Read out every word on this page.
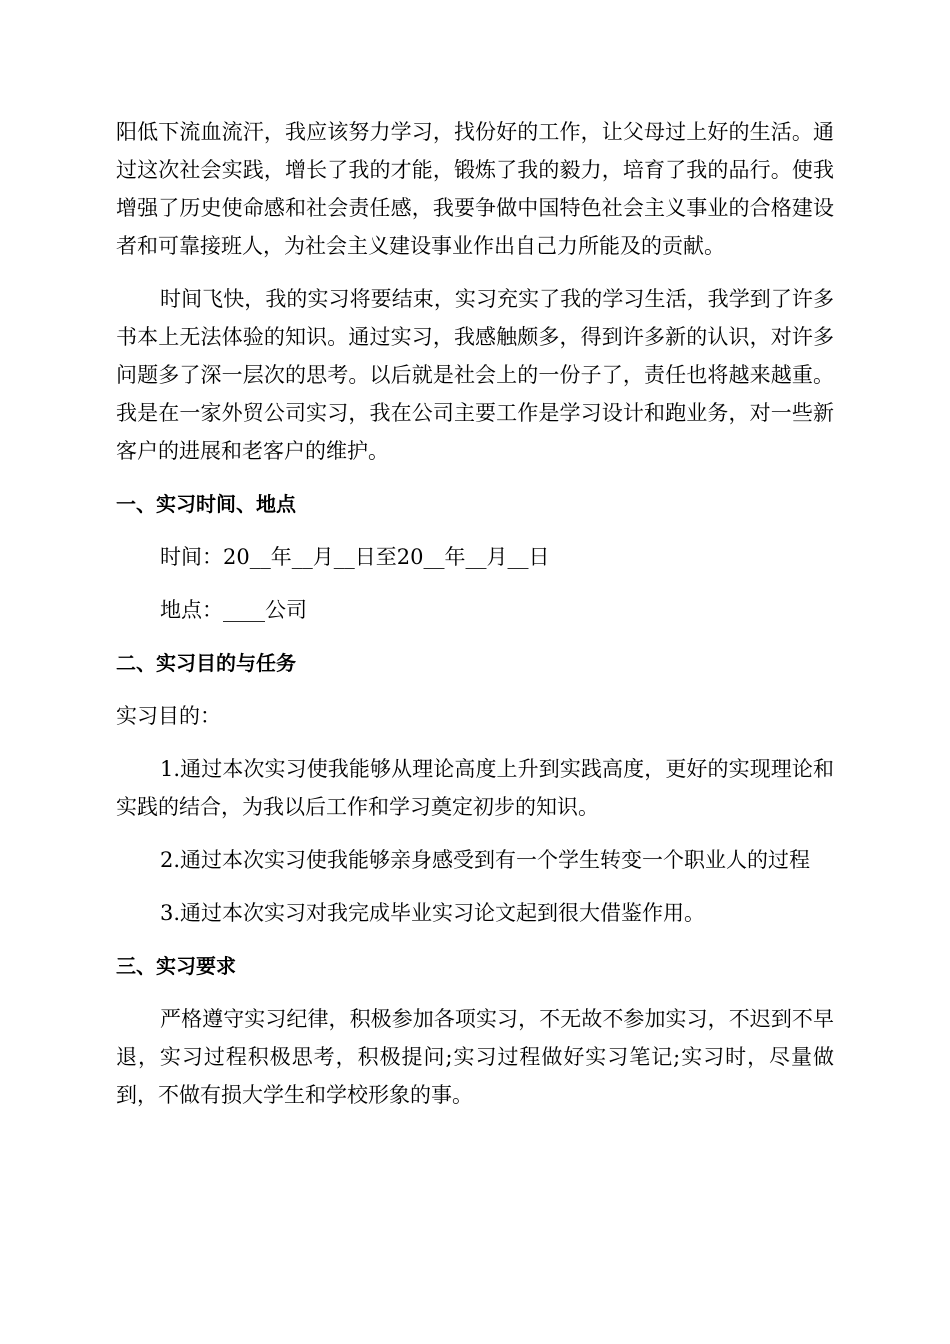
阳低下流血流汗，我应该努力学习，找份好的工作，让父母过上好的生活。通过这次社会实践，增长了我的才能，锻炼了我的毅力，培育了我的品行。使我增强了历史使命感和社会责任感，我要争做中国特色社会主义事业的合格建设者和可靠接班人，为社会主义建设事业作出自己力所能及的贡献。

时间飞快，我的实习将要结束，实习充实了我的学习生活，我学到了许多书本上无法体验的知识。通过实习，我感触颇多，得到许多新的认识，对许多问题多了深一层次的思考。以后就是社会上的一份子了，责任也将越来越重。我是在一家外贸公司实习，我在公司主要工作是学习设计和跑业务，对一些新客户的进展和老客户的维护。

一、实习时间、地点

时间：20__年__月__日至20__年__月__日

地点：____公司

二、实习目的与任务

实习目的：

1.通过本次实习使我能够从理论高度上升到实践高度，更好的实现理论和实践的结合，为我以后工作和学习奠定初步的知识。

2.通过本次实习使我能够亲身感受到有一个学生转变一个职业人的过程

3.通过本次实习对我完成毕业实习论文起到很大借鉴作用。

三、实习要求

严格遵守实习纪律，积极参加各项实习，不无故不参加实习，不迟到不早退，实习过程积极思考，积极提问;实习过程做好实习笔记;实习时，尽量做到，不做有损大学生和学校形象的事。
